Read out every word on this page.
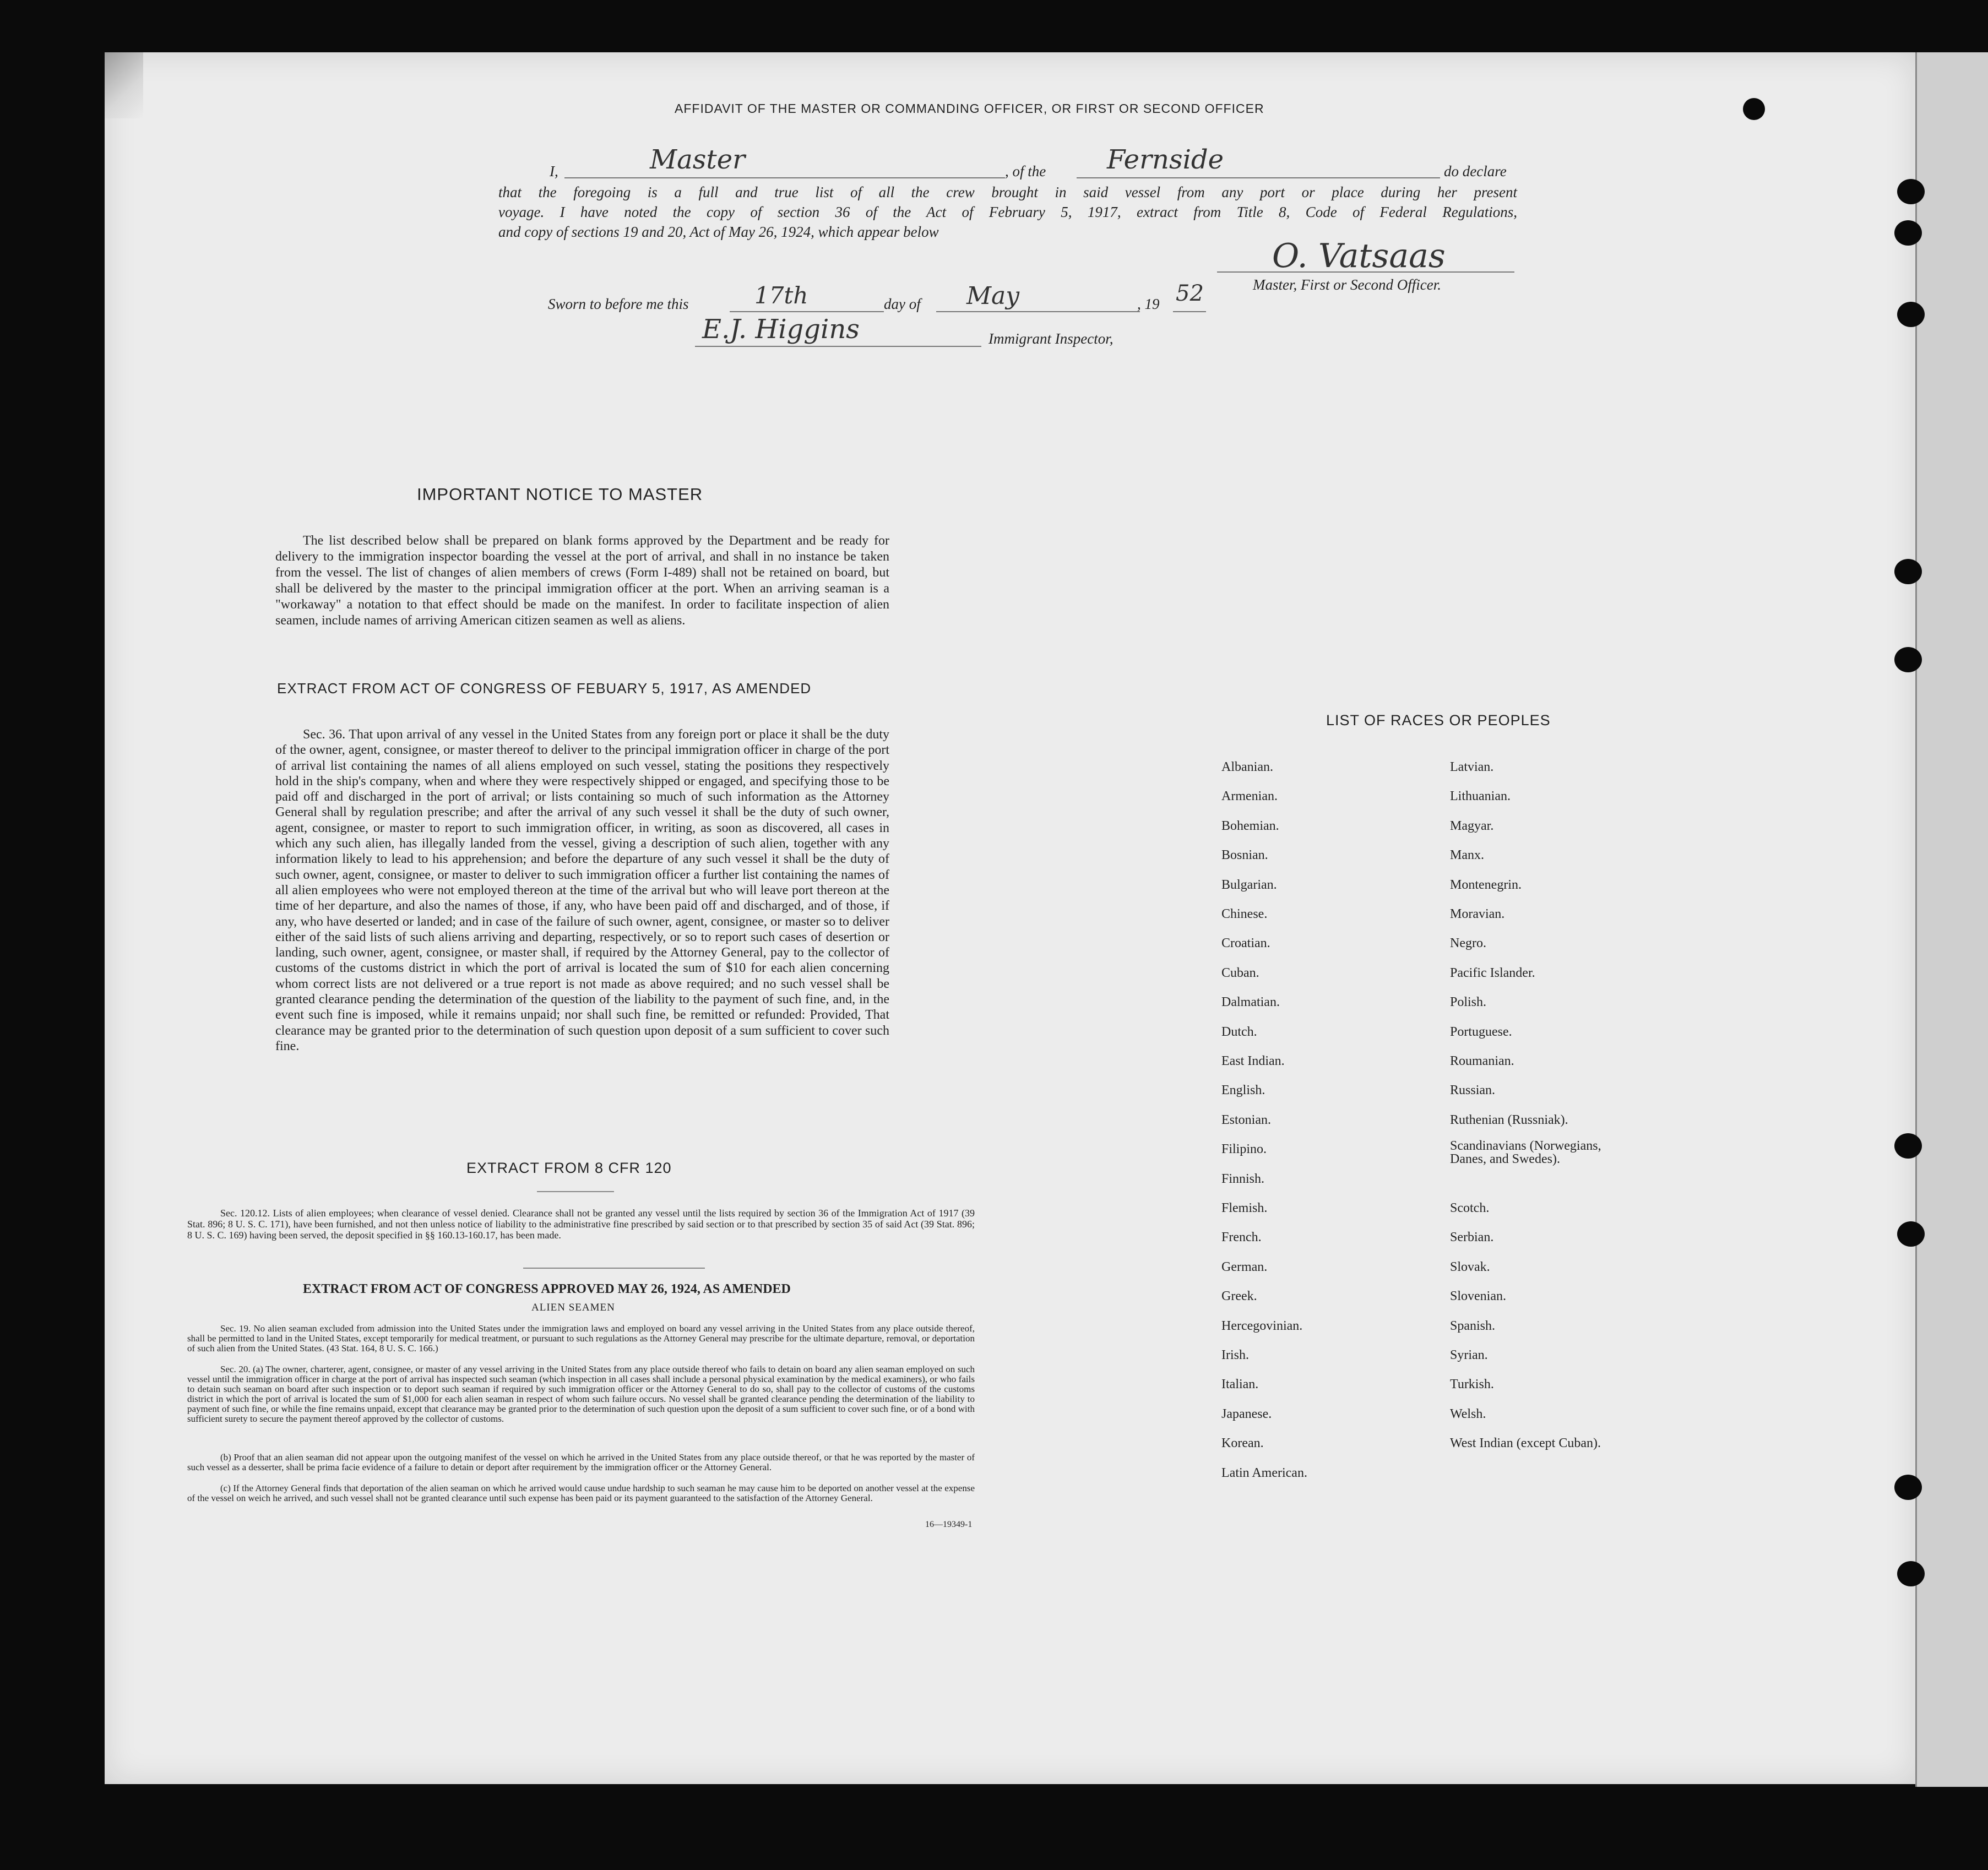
AFFIDAVIT OF THE MASTER OR COMMANDING OFFICER, OR FIRST OR SECOND OFFICER
I,	Master	, of the Fernside	do declare
that the foregoing is a full and true list of all the crew brought in said vessel from any port or place during her present
voyage. I have noted the copy of section 36 of the Act of February 5, 1917, extract from Title 8, Code of Federal Regulations,
and copy of sections 19 and 20, Act of May 26, 1924, which appear below
O. Vatsaas
Master, First or Second Officer.
Sworn to before me this	17th	day of May	, 19 52
E.J. Higgins	Immigrant Inspector,
IMPORTANT NOTICE TO MASTER
The list described below shall be prepared on blank forms approved by the Department and be ready for delivery to the immigration inspector boarding the vessel at the port of arrival, and shall in no instance be taken from the vessel. The list of changes of alien members of crews (Form I-489) shall not be retained on board, but shall be delivered by the master to the principal immigration officer at the port. When an arriving seaman is a "workaway" a notation to that effect should be made on the manifest. In order to facilitate inspection of alien seamen, include names of arriving American citizen seamen as well as aliens.
EXTRACT FROM ACT OF CONGRESS OF FEBUARY 5, 1917, AS AMENDED
Sec. 36. That upon arrival of any vessel in the United States from any foreign port or place it shall be the duty of the owner, agent, consignee, or master thereof to deliver to the principal immigration officer in charge of the port of arrival list containing the names of all aliens employed on such vessel, stating the positions they respectively hold in the ship's company, when and where they were respectively shipped or engaged, and specifying those to be paid off and discharged in the port of arrival; or lists containing so much of such information as the Attorney General shall by regulation prescribe; and after the arrival of any such vessel it shall be the duty of such owner, agent, consignee, or master to report to such immigration officer, in writing, as soon as discovered, all cases in which any such alien, has illegally landed from the vessel, giving a description of such alien, together with any information likely to lead to his apprehension; and before the departure of any such vessel it shall be the duty of such owner, agent, consignee, or master to deliver to such immigration officer a further list containing the names of all alien employees who were not employed thereon at the time of the arrival but who will leave port thereon at the time of her departure, and also the names of those, if any, who have been paid off and discharged, and of those, if any, who have deserted or landed; and in case of the failure of such owner, agent, consignee, or master so to deliver either of the said lists of such aliens arriving and departing, respectively, or so to report such cases of desertion or landing, such owner, agent, consignee, or master shall, if required by the Attorney General, pay to the collector of customs of the customs district in which the port of arrival is located the sum of $10 for each alien concerning whom correct lists are not delivered or a true report is not made as above required; and no such vessel shall be granted clearance pending the determination of the question of the liability to the payment of such fine, and, in the event such fine is imposed, while it remains unpaid; nor shall such fine, be remitted or refunded: Provided, That clearance may be granted prior to the determination of such question upon deposit of a sum sufficient to cover such fine.
EXTRACT FROM 8 CFR 120
Sec. 120.12. Lists of alien employees; when clearance of vessel denied. Clearance shall not be granted any vessel until the lists required by section 36 of the Immigration Act of 1917 (39 Stat. 896; 8 U. S. C. 171), have been furnished, and not then unless notice of liability to the administrative fine prescribed by said section or to that prescribed by section 35 of said Act (39 Stat. 896; 8 U. S. C. 169) having been served, the deposit specified in §§ 160.13-160.17, has been made.
EXTRACT FROM ACT OF CONGRESS APPROVED MAY 26, 1924, AS AMENDED
ALIEN SEAMEN
Sec. 19. No alien seaman excluded from admission into the United States under the immigration laws and employed on board any vessel arriving in the United States from any place outside thereof, shall be permitted to land in the United States, except temporarily for medical treatment, or pursuant to such regulations as the Attorney General may prescribe for the ultimate departure, removal, or deportation of such alien from the United States. (43 Stat. 164, 8 U. S. C. 166.)
Sec. 20. (a) The owner, charterer, agent, consignee, or master of any vessel arriving in the United States from any place outside thereof who fails to detain on board any alien seaman employed on such vessel until the immigration officer in charge at the port of arrival has inspected such seaman (which inspection in all cases shall include a personal physical examination by the medical examiners), or who fails to detain such seaman on board after such inspection or to deport such seaman if required by such immigration officer or the Attorney General to do so, shall pay to the collector of customs of the customs district in which the port of arrival is located the sum of $1,000 for each alien seaman in respect of whom such failure occurs. No vessel shall be granted clearance pending the determination of the liability to payment of such fine, or while the fine remains unpaid, except that clearance may be granted prior to the determination of such question upon the deposit of a sum sufficient to cover such fine, or of a bond with sufficient surety to secure the payment thereof approved by the collector of customs.
(b) Proof that an alien seaman did not appear upon the outgoing manifest of the vessel on which he arrived in the United States from any place outside thereof, or that he was reported by the master of such vessel as a desserter, shall be prima facie evidence of a failure to detain or deport after requirement by the immigration officer or the Attorney General.
(c) If the Attorney General finds that deportation of the alien seaman on which he arrived would cause undue hardship to such seaman he may cause him to be deported on another vessel at the expense of the vessel on weich he arrived, and such vessel shall not be granted clearance until such expense has been paid or its payment guaranteed to the satisfaction of the Attorney General.
16—19349-1
LIST OF RACES OR PEOPLES
Albanian.
Armenian.
Bohemian.
Bosnian.
Bulgarian.
Chinese.
Croatian.
Cuban.
Dalmatian.
Dutch.
East Indian.
English.
Estonian.
Filipino.
Finnish.
Flemish.
French.
German.
Greek.
Hercegovinian.
Irish.
Italian.
Japanese.
Korean.
Latin American.
Latvian.
Lithuanian.
Magyar.
Manx.
Montenegrin.
Moravian.
Negro.
Pacific Islander.
Polish.
Portuguese.
Roumanian.
Russian.
Ruthenian (Russniak).
Scandinavians (Norwegians, Danes, and Swedes).
Scotch.
Serbian.
Slovak.
Slovenian.
Spanish.
Syrian.
Turkish.
Welsh.
West Indian (except Cuban).
